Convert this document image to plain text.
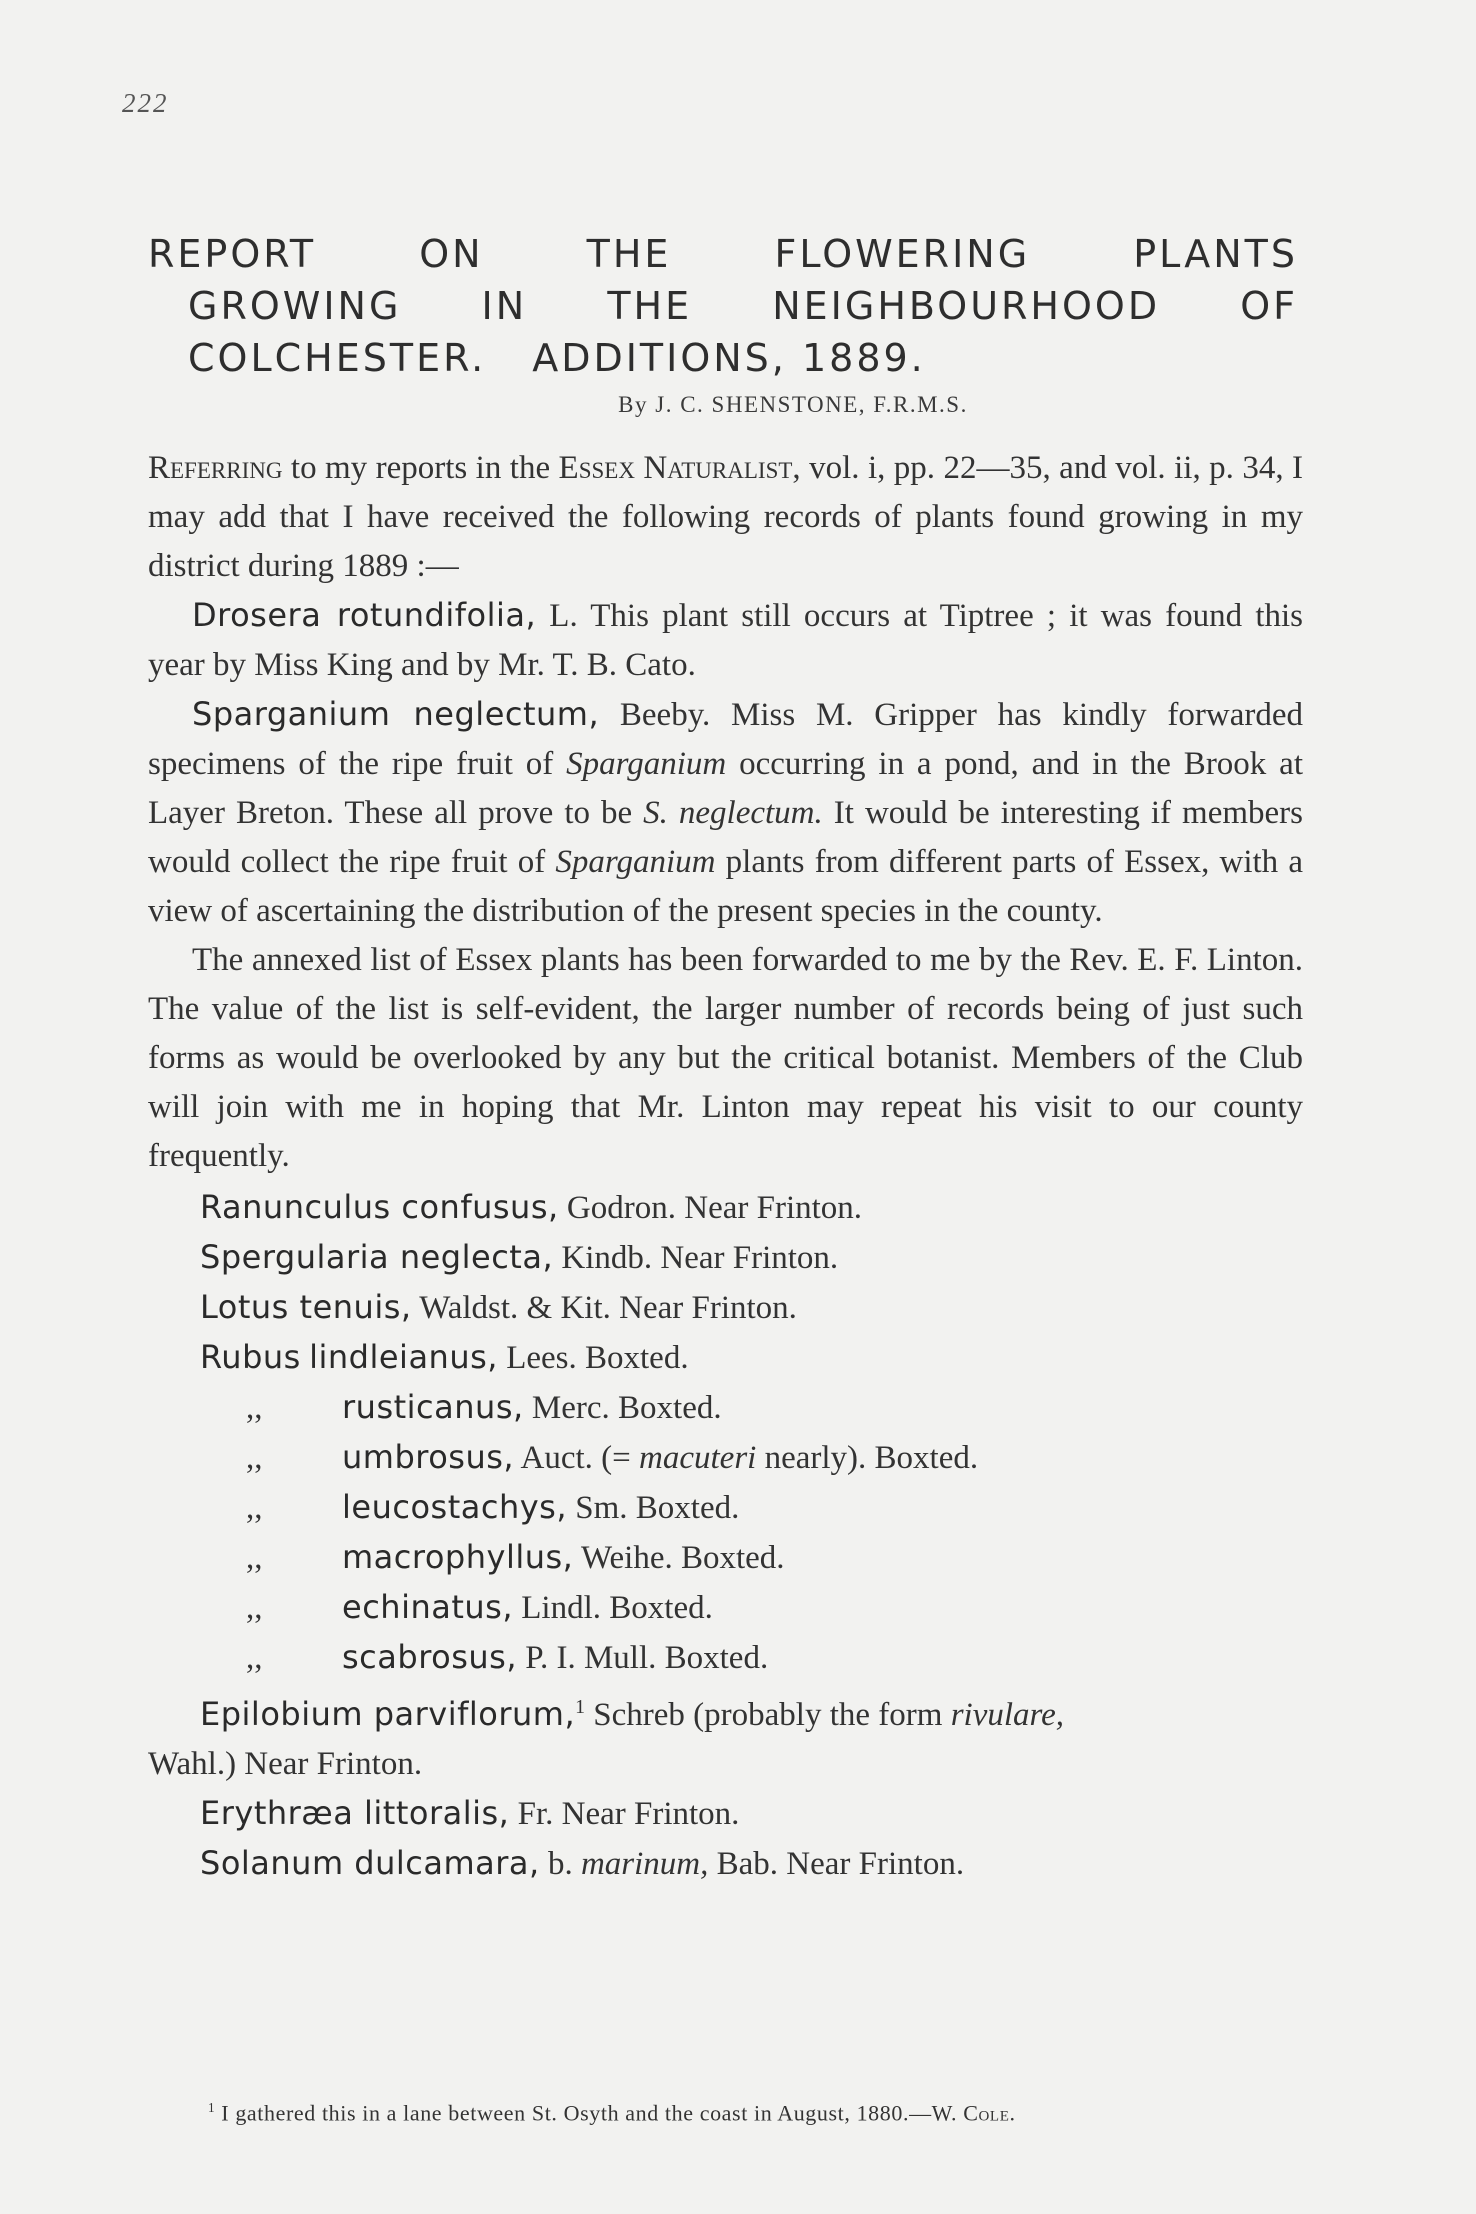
222
REPORT	ON	THE	FLOWERING	PLANTS
GROWING IN THE NEIGHBOURHOOD OF
COLCHESTER. ADDITIONS, 1889.
By J. C. SHENSTONE, F.R.M.S.

Referring to my reports in the Essex Naturalist, vol. i, pp. 22—35, and vol. ii, p. 34, I may add that I have received the following records of plants found growing in my district during 1889 :—

Drosera rotundifolia, L. This plant still occurs at Tiptree ; it was found this year by Miss King and by Mr. T. B. Cato.

Sparganium neglectum, Beeby. Miss M. Gripper has kindly forwarded specimens of the ripe fruit of Sparganium occurring in a pond, and in the Brook at Layer Breton. These all prove to be S. neglectum. It would be interesting if members would collect the ripe fruit of Sparganium plants from different parts of Essex, with a view of ascertaining the distribution of the present species in the county.

The annexed list of Essex plants has been forwarded to me by the Rev. E. F. Linton. The value of the list is self-evident, the larger number of records being of just such forms as would be overlooked by any but the critical botanist. Members of the Club will join with me in hoping that Mr. Linton may repeat his visit to our county frequently.

Ranunculus confusus, Godron. Near Frinton.
Spergularia neglecta, Kindb. Near Frinton.
Lotus tenuis, Waldst. & Kit. Near Frinton.
Rubus lindleianus, Lees. Boxted.
,, rusticanus, Merc. Boxted.
,, umbrosus, Auct. (= macuteri nearly). Boxted.
,, leucostachys, Sm. Boxted.
,, macrophyllus, Weihe. Boxted.
,, echinatus, Lindl. Boxted.
,, scabrosus, P. I. Mull. Boxted.
Epilobium parviflorum,$^1$ Schreb (probably the form rivulare,
Wahl.) Near Frinton.
Erythræa littoralis, Fr. Near Frinton.
Solanum dulcamara, b. marinum, Bab. Near Frinton.
$^1$ I gathered this in a lane between St. Osyth and the coast in August, 1880.—W. Cole.
